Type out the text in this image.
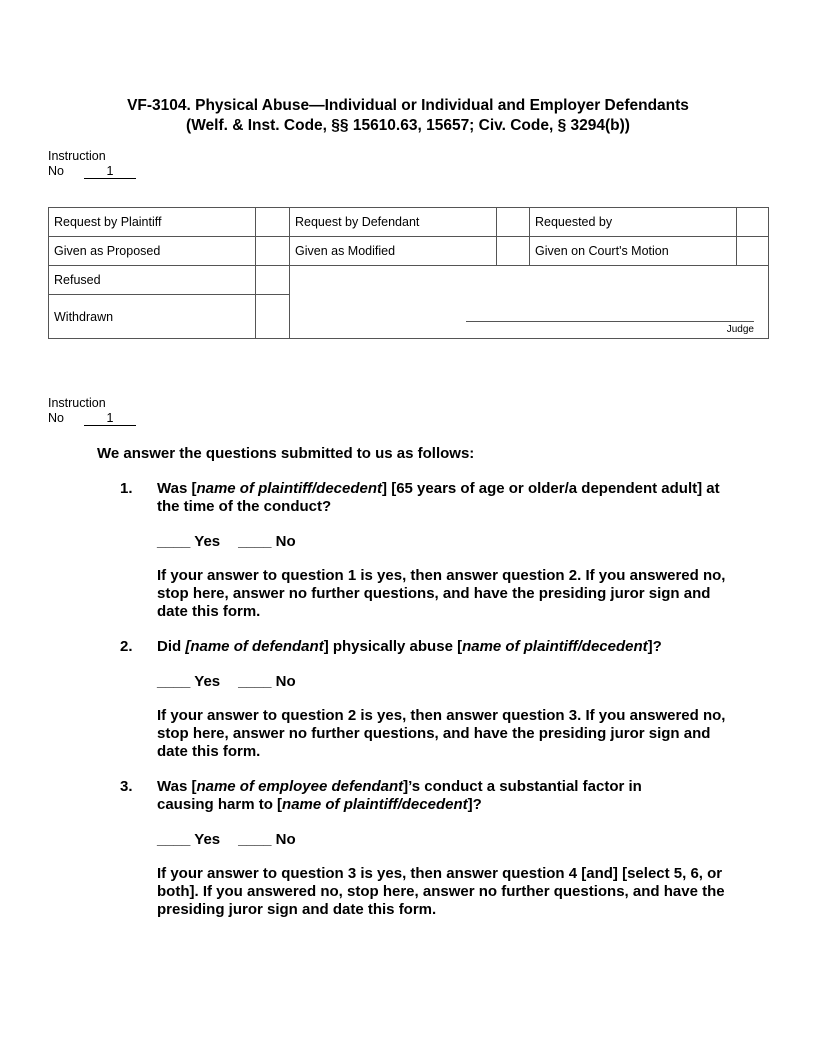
VF-3104. Physical Abuse—Individual or Individual and Employer Defendants
(Welf. & Inst. Code, §§ 15610.63, 15657; Civ. Code, § 3294(b))
Instruction
No	1
Request by Plaintiff		Request by Defendant		Requested by	
Given as Proposed		Given as Modified		Given on Court's Motion	
Refused		Judge			

Withdrawn					
Instruction
No	1
We answer the questions submitted to us as follows:
1. Was [name of plaintiff/decedent] [65 years of age or older/a dependent adult] at the time of the conduct?
____ Yes ____ No
If your answer to question 1 is yes, then answer question 2. If you answered no, stop here, answer no further questions, and have the presiding juror sign and date this form.
2. Did [name of defendant] physically abuse [name of plaintiff/decedent]?
____ Yes ____ No
If your answer to question 2 is yes, then answer question 3. If you answered no, stop here, answer no further questions, and have the presiding juror sign and date this form.
3. Was [name of employee defendant]’s conduct a substantial factor in causing harm to [name of plaintiff/decedent]?
____ Yes ____ No
If your answer to question 3 is yes, then answer question 4 [and] [select 5, 6, or both]. If you answered no, stop here, answer no further questions, and have the presiding juror sign and date this form.
